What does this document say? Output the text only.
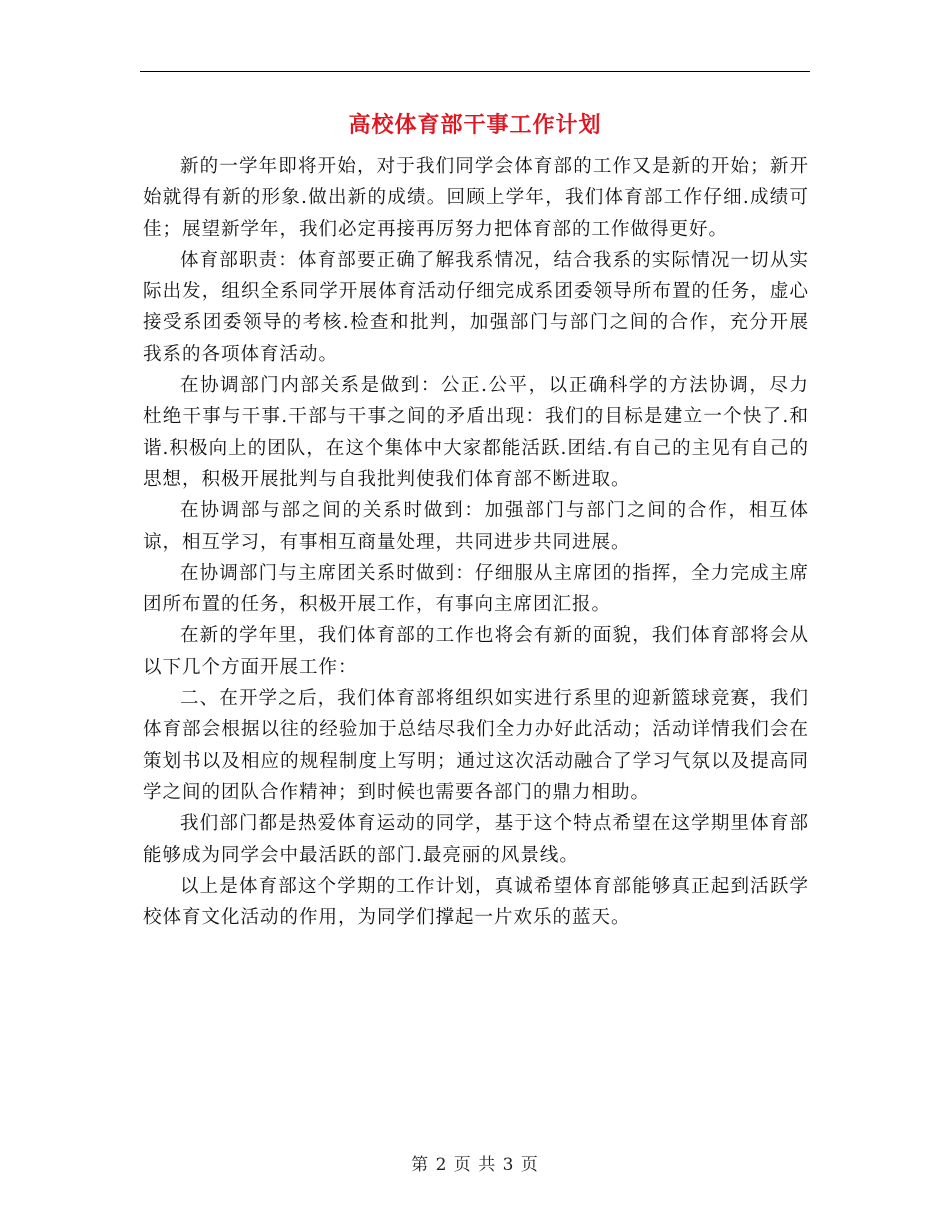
高校体育部干事工作计划

新的一学年即将开始，对于我们同学会体育部的工作又是新的开始；新开始就得有新的形象.做出新的成绩。回顾上学年，我们体育部工作仔细.成绩可佳；展望新学年，我们必定再接再厉努力把体育部的工作做得更好。

体育部职责：体育部要正确了解我系情况，结合我系的实际情况一切从实际出发，组织全系同学开展体育活动仔细完成系团委领导所布置的任务，虚心接受系团委领导的考核.检查和批判，加强部门与部门之间的合作，充分开展我系的各项体育活动。

在协调部门内部关系是做到：公正.公平，以正确科学的方法协调，尽力杜绝干事与干事.干部与干事之间的矛盾出现：我们的目标是建立一个快了.和谐.积极向上的团队，在这个集体中大家都能活跃.团结.有自己的主见有自己的思想，积极开展批判与自我批判使我们体育部不断进取。

在协调部与部之间的关系时做到：加强部门与部门之间的合作，相互体谅，相互学习，有事相互商量处理，共同进步共同进展。

在协调部门与主席团关系时做到：仔细服从主席团的指挥，全力完成主席团所布置的任务，积极开展工作，有事向主席团汇报。

在新的学年里，我们体育部的工作也将会有新的面貌，我们体育部将会从以下几个方面开展工作：

二、在开学之后，我们体育部将组织如实进行系里的迎新篮球竞赛，我们体育部会根据以往的经验加于总结尽我们全力办好此活动；活动详情我们会在策划书以及相应的规程制度上写明；通过这次活动融合了学习气氛以及提高同学之间的团队合作精神；到时候也需要各部门的鼎力相助。

我们部门都是热爱体育运动的同学，基于这个特点希望在这学期里体育部能够成为同学会中最活跃的部门.最亮丽的风景线。

以上是体育部这个学期的工作计划，真诚希望体育部能够真正起到活跃学校体育文化活动的作用，为同学们撑起一片欢乐的蓝天。

第 2 页 共 3 页
